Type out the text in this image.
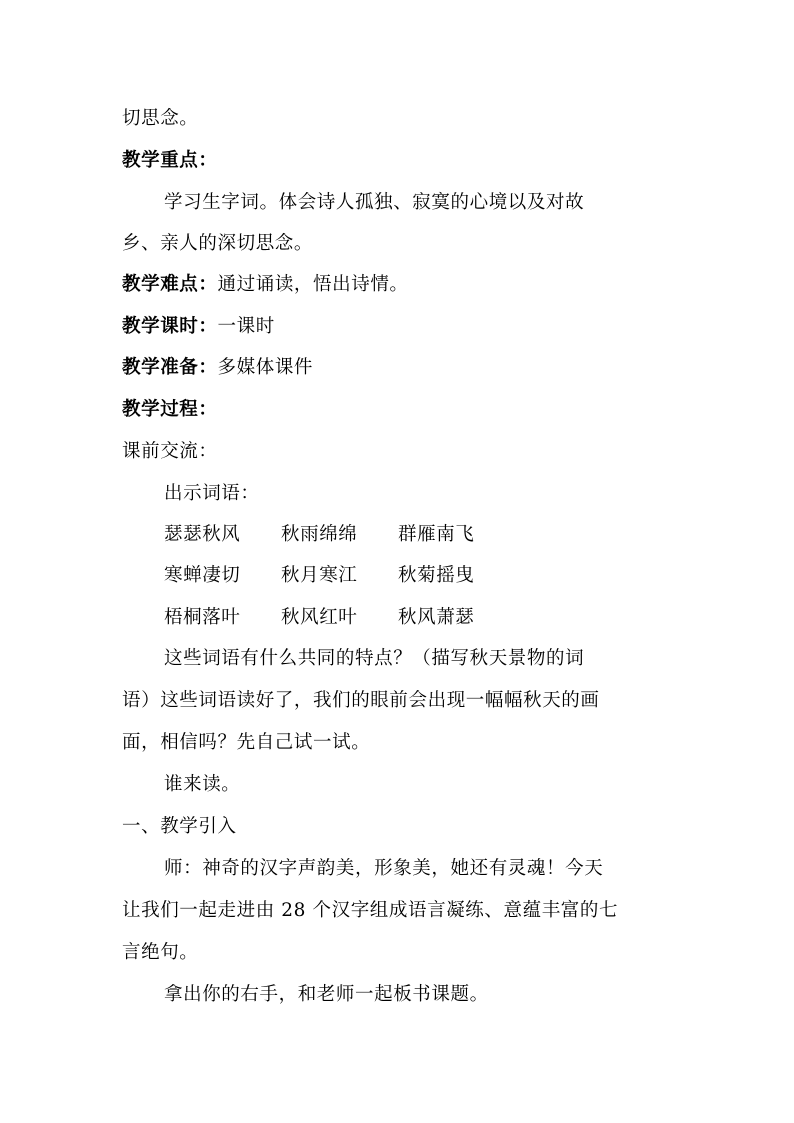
切思念。
教学重点：
学习生字词。体会诗人孤独、寂寞的心境以及对故
乡、亲人的深切思念。
教学难点：通过诵读，悟出诗情。
教学课时：一课时
教学准备：多媒体课件
教学过程：
课前交流：
出示词语：
瑟瑟秋风 秋雨绵绵 群雁南飞
寒蝉凄切 秋月寒江 秋菊摇曳
梧桐落叶 秋风红叶 秋风萧瑟
这些词语有什么共同的特点？（描写秋天景物的词
语）这些词语读好了，我们的眼前会出现一幅幅秋天的画
面，相信吗？先自己试一试。
谁来读。
一、教学引入
师：神奇的汉字声韵美，形象美，她还有灵魂！今天
让我们一起走进由 28 个汉字组成语言凝练、意蕴丰富的七
言绝句。
拿出你的右手，和老师一起板书课题。
